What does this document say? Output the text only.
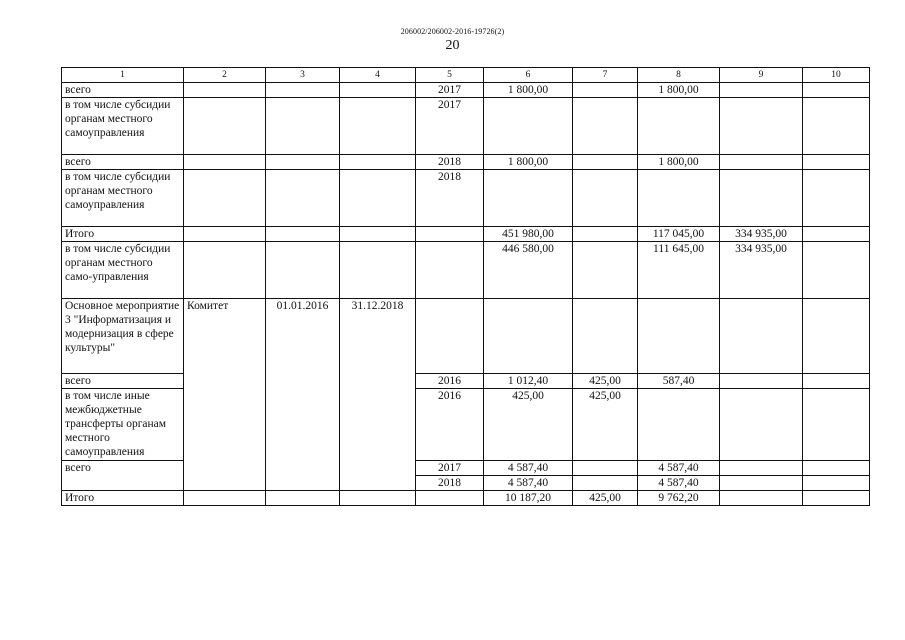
206002/206002-2016-19726(2)
20
1	2	3	4	5	6	7	8	9	10
всего				2017	1 800,00		1 800,00		
в том числе субсидии органам местного самоуправления				2017					
всего				2018	1 800,00		1 800,00		
в том числе субсидии органам местного самоуправления				2018					
Итого					451 980,00		117 045,00	334 935,00	
в том числе субсидии органам местного само-управления					446 580,00		111 645,00	334 935,00	
Основное мероприятие 3 "Информатизация и модернизация в сфере культуры"	Комитет	01.01.2016	31.12.2018						
всего				2016	1 012,40	425,00	587,40		
в том числе иные межбюджетные трансферты органам местного самоуправления				2016	425,00	425,00			
всего				2017	4 587,40		4 587,40		
				2018	4 587,40		4 587,40		
Итого					10 187,20	425,00	9 762,20		
